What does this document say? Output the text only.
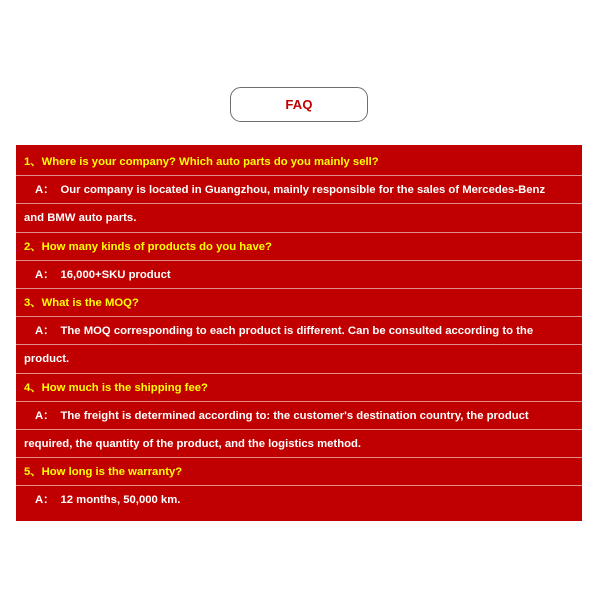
FAQ
1、Where is your company? Which auto parts do you mainly sell?
A： Our company is located in Guangzhou, mainly responsible for the sales of Mercedes-Benz
and BMW auto parts.
2、How many kinds of products do you have?
A： 16,000+SKU product
3、What is the MOQ?
A： The MOQ corresponding to each product is different. Can be consulted according to the
product.
4、How much is the shipping fee?
A： The freight is determined according to: the customer's destination country, the product
required, the quantity of the product, and the logistics method.
5、How long is the warranty?
A： 12 months, 50,000 km.
